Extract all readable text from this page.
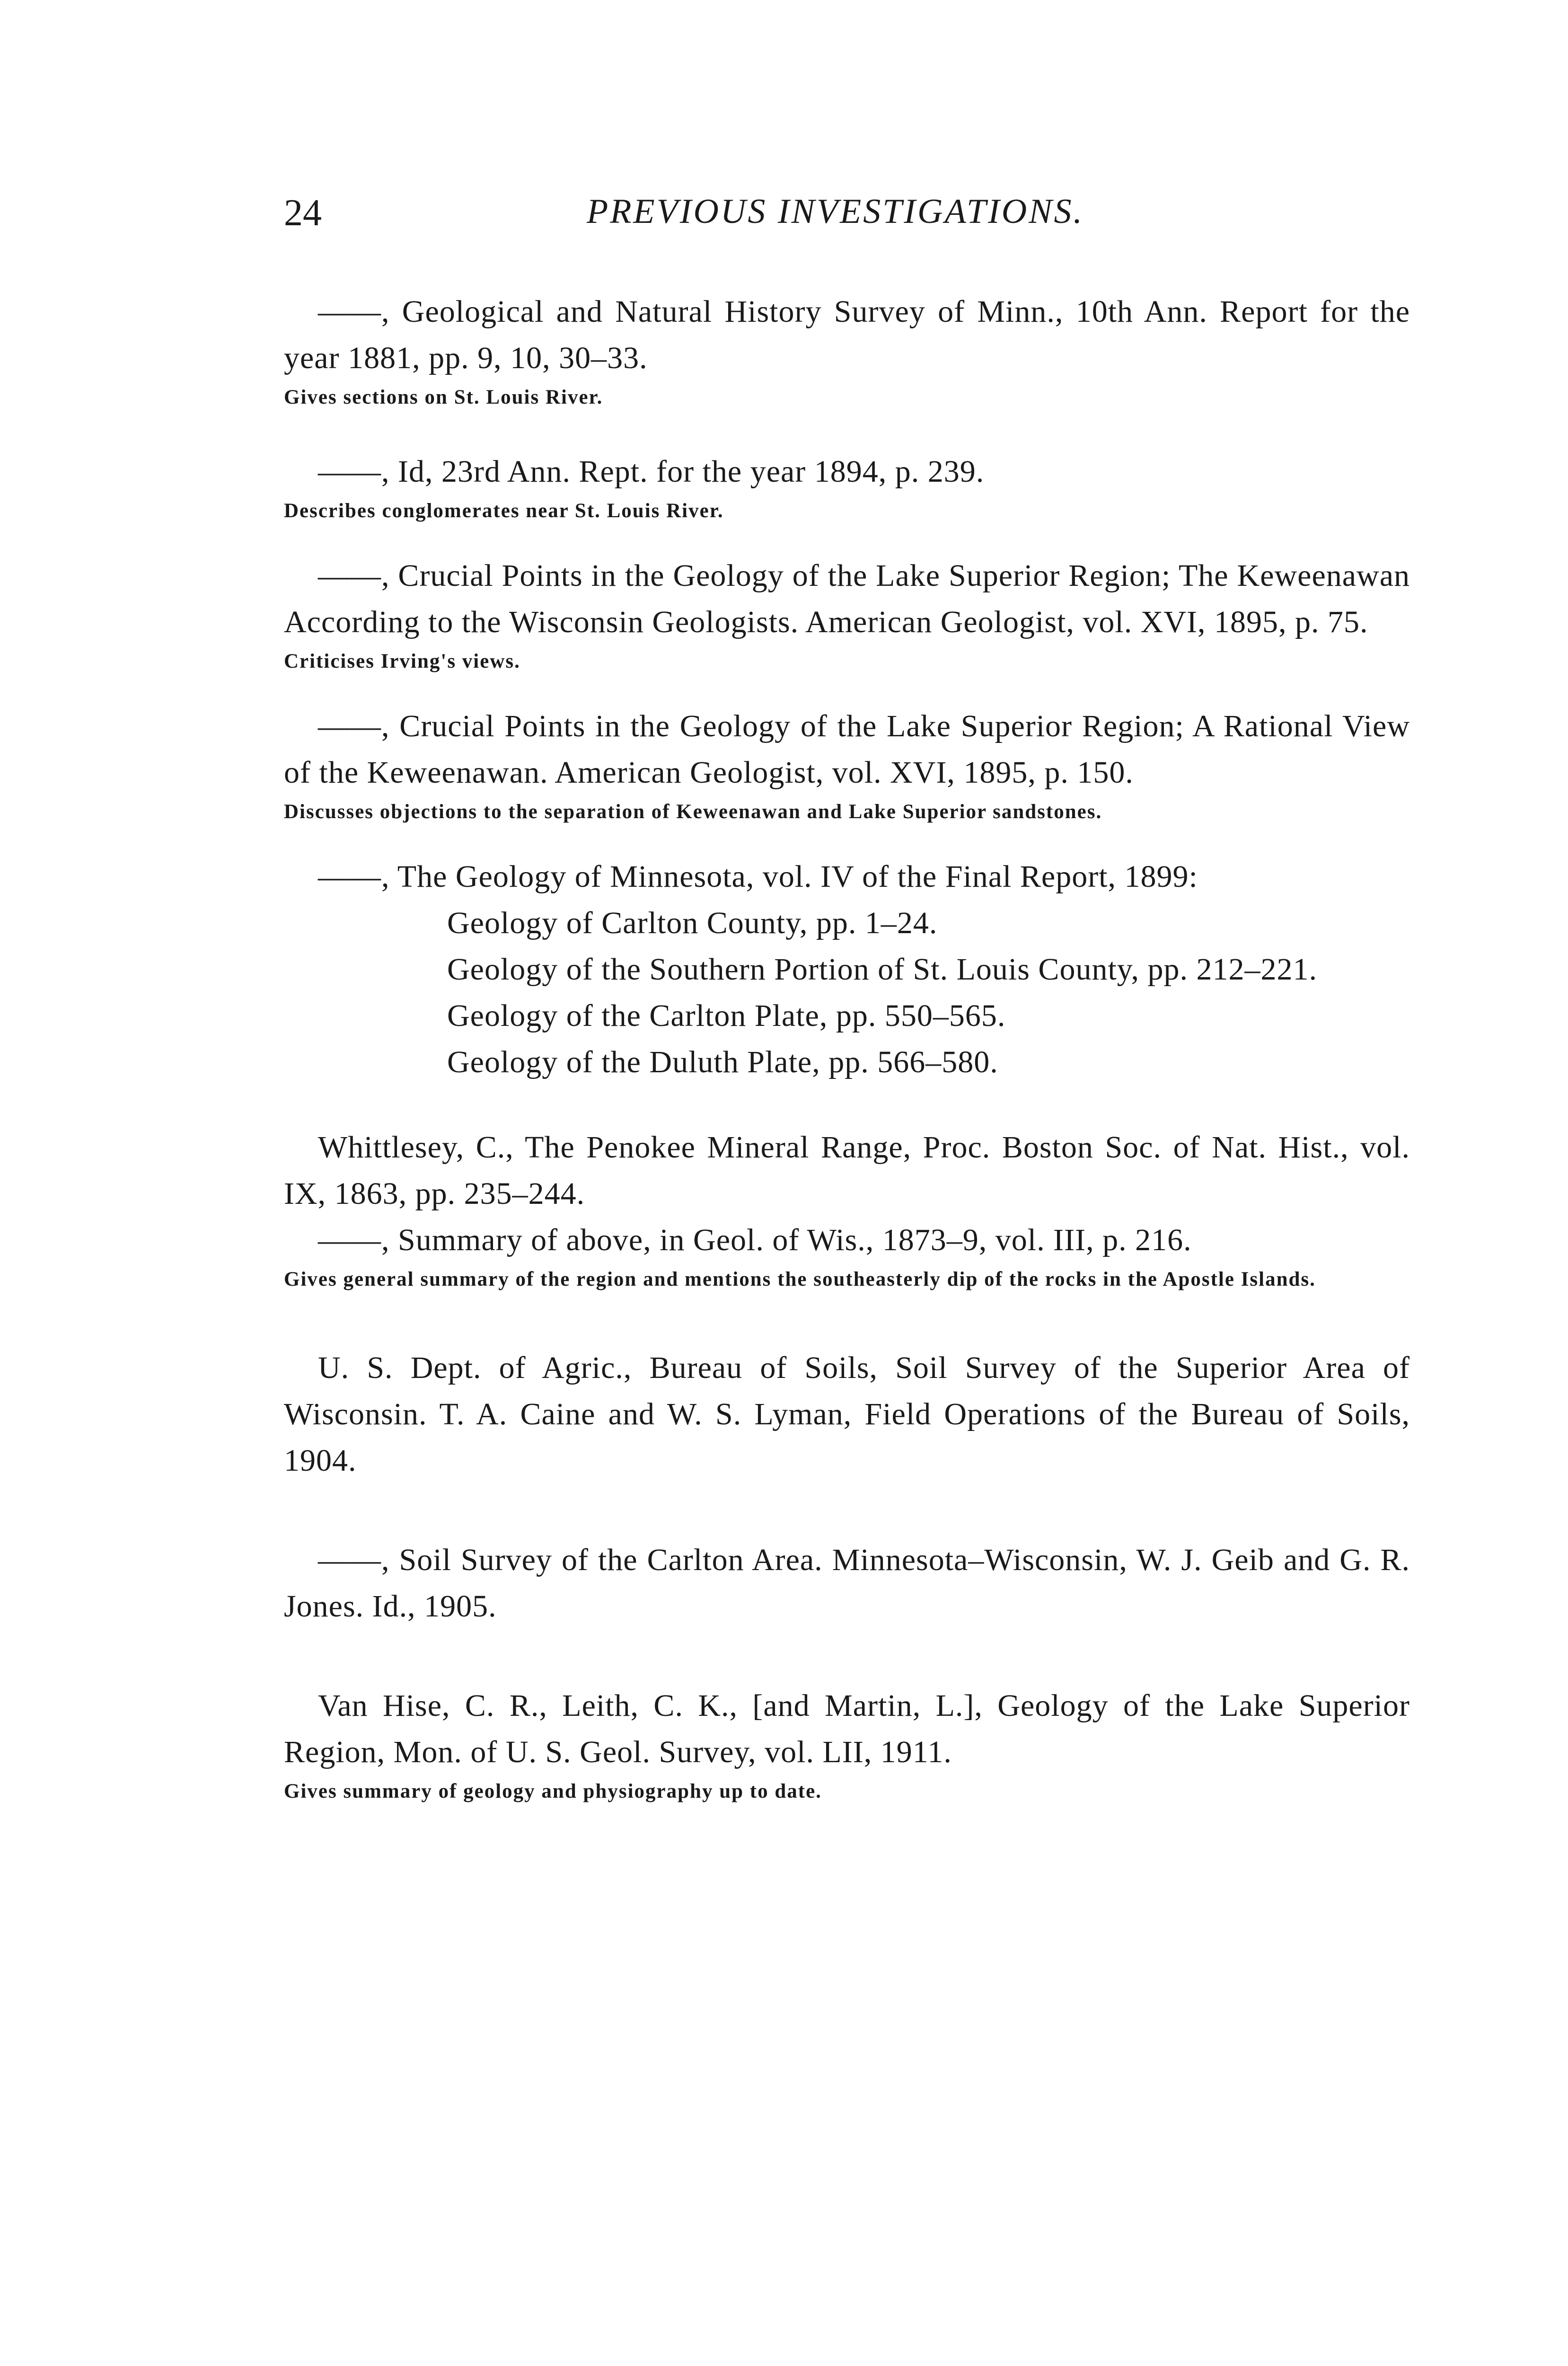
24	PREVIOUS INVESTIGATIONS.

——, Geological and Natural History Survey of Minn., 10th Ann. Report for the year 1881, pp. 9, 10, 30–33.

Gives sections on St. Louis River.

——, Id, 23rd Ann. Rept. for the year 1894, p. 239.

Describes conglomerates near St. Louis River.

——, Crucial Points in the Geology of the Lake Superior Region; The Keweenawan According to the Wisconsin Geologists. American Geologist, vol. XVI, 1895, p. 75.

Criticises Irving's views.

——, Crucial Points in the Geology of the Lake Superior Region; A Rational View of the Keweenawan. American Geologist, vol. XVI, 1895, p. 150.

Discusses objections to the separation of Keweenawan and Lake Superior sandstones.

——, The Geology of Minnesota, vol. IV of the Final Report, 1899:

Geology of Carlton County, pp. 1–24.

Geology of the Southern Portion of St. Louis County, pp. 212–221.

Geology of the Carlton Plate, pp. 550–565.

Geology of the Duluth Plate, pp. 566–580.

Whittlesey, C., The Penokee Mineral Range, Proc. Boston Soc. of Nat. Hist., vol. IX, 1863, pp. 235–244.

——, Summary of above, in Geol. of Wis., 1873–9, vol. III, p. 216.

Gives general summary of the region and mentions the southeasterly dip of the rocks in the Apostle Islands.

U. S. Dept. of Agric., Bureau of Soils, Soil Survey of the Superior Area of Wisconsin. T. A. Caine and W. S. Lyman, Field Operations of the Bureau of Soils, 1904.

——, Soil Survey of the Carlton Area. Minnesota–Wisconsin, W. J. Geib and G. R. Jones. Id., 1905.

Van Hise, C. R., Leith, C. K., [and Martin, L.], Geology of the Lake Superior Region, Mon. of U. S. Geol. Survey, vol. LII, 1911.

Gives summary of geology and physiography up to date.
